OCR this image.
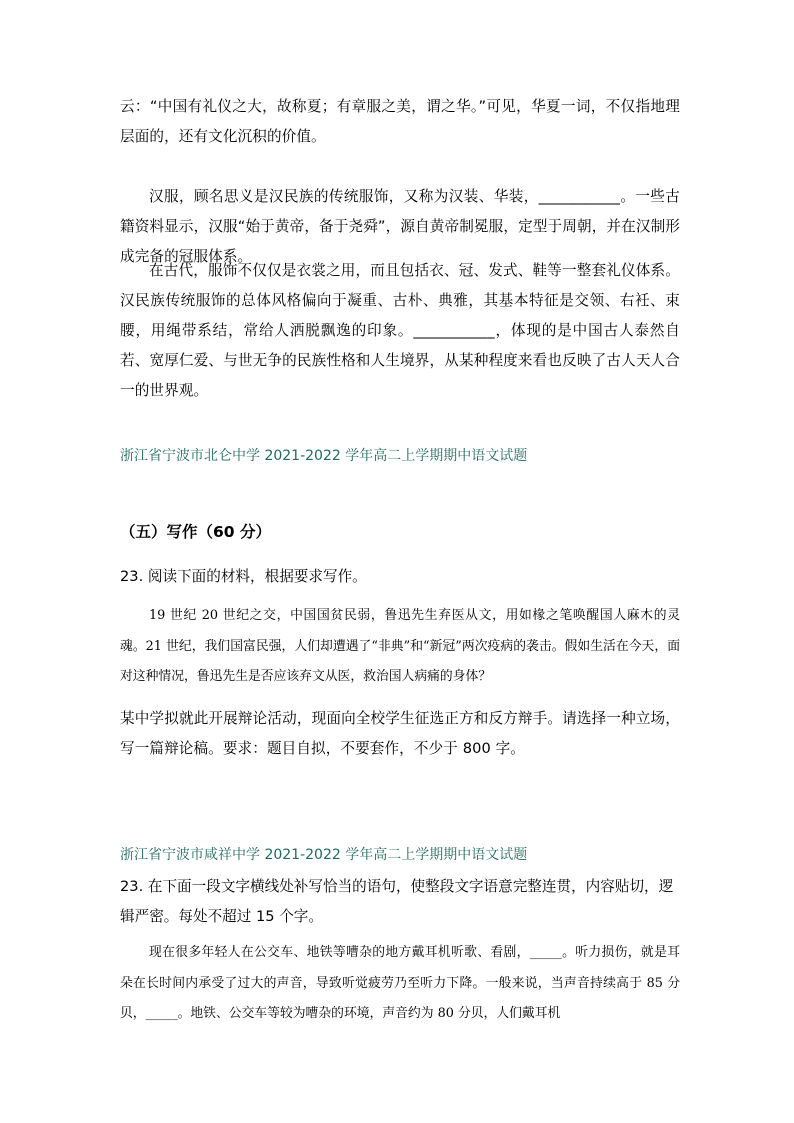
云：“中国有礼仪之大，故称夏；有章服之美，谓之华。”可见，华夏一词，不仅指地理层面的，还有文化沉积的价值。

汉服，顾名思义是汉民族的传统服饰，又称为汉装、华装，___________。一些古籍资料显示，汉服“始于黄帝，备于尧舜”，源自黄帝制冕服，定型于周朝，并在汉制形成完备的冠服体系。

在古代，服饰不仅仅是衣裳之用，而且包括衣、冠、发式、鞋等一整套礼仪体系。汉民族传统服饰的总体风格偏向于凝重、古朴、典雅，其基本特征是交领、右衽、束腰，用绳带系结，常给人洒脱飘逸的印象。___________，体现的是中国古人泰然自若、宽厚仁爱、与世无争的民族性格和人生境界，从某种程度来看也反映了古人天人合一的世界观。

浙江省宁波市北仑中学 2021-2022 学年高二上学期期中语文试题

（五）写作（60 分）

23. 阅读下面的材料，根据要求写作。

19 世纪 20 世纪之交，中国国贫民弱，鲁迅先生弃医从文，用如椽之笔唤醒国人麻木的灵魂。21 世纪，我们国富民强，人们却遭遇了“非典”和“新冠”两次疫病的袭击。假如生活在今天，面对这种情况，鲁迅先生是否应该弃文从医，救治国人病痛的身体？

某中学拟就此开展辩论活动，现面向全校学生征选正方和反方辩手。请选择一种立场，写一篇辩论稿。要求：题目自拟，不要套作，不少于 800 字。

浙江省宁波市咸祥中学 2021-2022 学年高二上学期期中语文试题

23. 在下面一段文字横线处补写恰当的语句，使整段文字语意完整连贯，内容贴切，逻辑严密。每处不超过 15 个字。

现在很多年轻人在公交车、地铁等嘈杂的地方戴耳机听歌、看剧，_____。听力损伤，就是耳朵在长时间内承受了过大的声音，导致听觉疲劳乃至听力下降。一般来说，当声音持续高于 85 分贝，_____。地铁、公交车等较为嘈杂的环境，声音约为 80 分贝，人们戴耳机
